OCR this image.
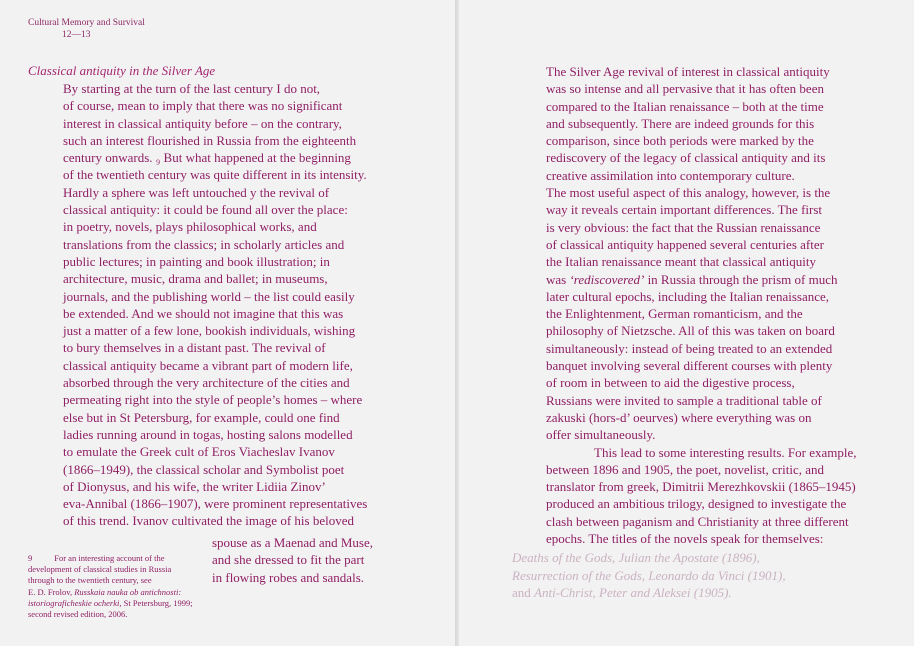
Cultural Memory and Survival
12—13
Classical antiquity in the Silver Age
By starting at the turn of the last century I do not,
of course, mean to imply that there was no significant
interest in classical antiquity before – on the contrary,
such an interest flourished in Russia from the eighteenth
century onwards. ₉ But what happened at the beginning
of the twentieth century was quite different in its intensity.
Hardly a sphere was left untouched y the revival of
classical antiquity: it could be found all over the place:
in poetry, novels, plays philosophical works, and
translations from the classics; in scholarly articles and
public lectures; in painting and book illustration; in
architecture, music, drama and ballet; in museums,
journals, and the publishing world – the list could easily
be extended. And we should not imagine that this was
just a matter of a few lone, bookish individuals, wishing
to bury themselves in a distant past. The revival of
classical antiquity became a vibrant part of modern life,
absorbed through the very architecture of the cities and
permeating right into the style of people’s homes – where
else but in St Petersburg, for example, could one find
ladies running around in togas, hosting salons modelled
to emulate the Greek cult of Eros Viacheslav Ivanov
(1866–1949), the classical scholar and Symbolist poet
of Dionysus, and his wife, the writer Lidiia Zinov’
eva-Annibal (1866–1907), were prominent representatives
of this trend. Ivanov cultivated the image of his beloved
spouse as a Maenad and Muse,
and she dressed to fit the part
in flowing robes and sandals.
9	For an interesting account of the
development of classical studies in Russia
through to the twentieth century, see
E. D. Frolov, Russkaia nauka ob antichnosti:
istoriograficheskie ocherki, St Petersburg, 1999;
second revised edition, 2006.
The Silver Age revival of interest in classical antiquity
was so intense and all pervasive that it has often been
compared to the Italian renaissance – both at the time
and subsequently. There are indeed grounds for this
comparison, since both periods were marked by the
rediscovery of the legacy of classical antiquity and its
creative assimilation into contemporary culture.
The most useful aspect of this analogy, however, is the
way it reveals certain important differences. The first
is very obvious: the fact that the Russian renaissance
of classical antiquity happened several centuries after
the Italian renaissance meant that classical antiquity
was ‘rediscovered’ in Russia through the prism of much
later cultural epochs, including the Italian renaissance,
the Enlightenment, German romanticism, and the
philosophy of Nietzsche. All of this was taken on board
simultaneously: instead of being treated to an extended
banquet involving several different courses with plenty
of room in between to aid the digestive process,
Russians were invited to sample a traditional table of
zakuski (hors-d’ oeurves) where everything was on
offer simultaneously.
This lead to some interesting results. For example,
between 1896 and 1905, the poet, novelist, critic, and
translator from greek, Dimitrii Merezhkovskii (1865–1945)
produced an ambitious trilogy, designed to investigate the
clash between paganism and Christianity at three different
epochs. The titles of the novels speak for themselves:
Deaths of the Gods, Julian the Apostate (1896),
Resurrection of the Gods, Leonardo da Vinci (1901),
and Anti-Christ, Peter and Aleksei (1905).
